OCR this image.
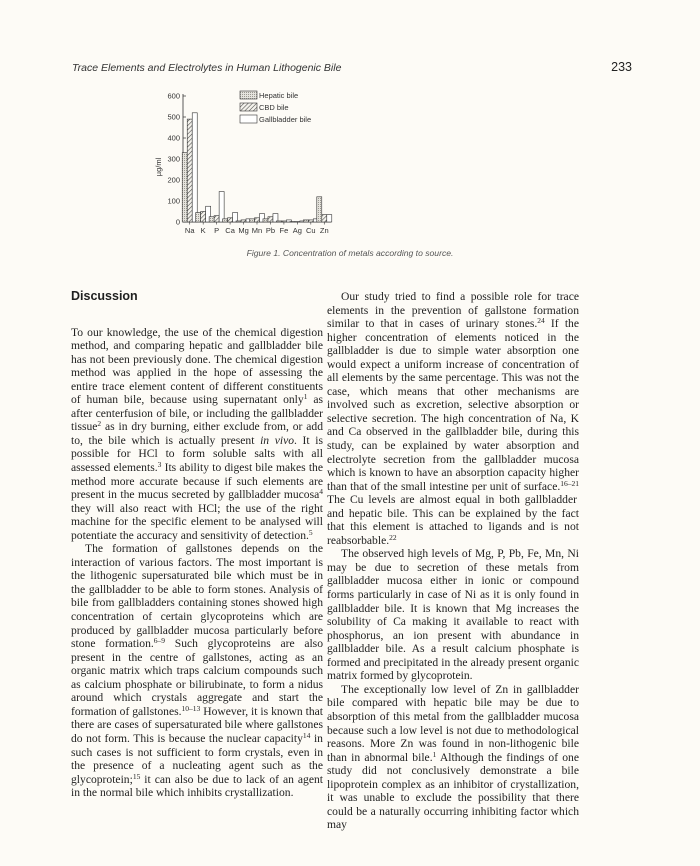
Trace Elements and Electrolytes in Human Lithogenic Bile	233
0
100
200
300
400
500
600
µg/ml
Na K P Ca Mg Mn Pb Fe Ag Cu Zn
Hepatic bile
CBD bile
Gallbladder bile
Figure 1. Concentration of metals according to source.
Discussion

To our knowledge, the use of the chemical digestion method, and comparing hepatic and gallbladder bile has not been previously done. The chemical digestion method was applied in the hope of assessing the entire trace element content of different constituents of human bile, because using supernatant only$^1$ as after centerfusion of bile, or including the gallbladder tissue$^2$ as in dry burning, either exclude from, or add to, the bile which is actually present in vivo. It is possible for HCl to form soluble salts with all assessed elements.$^3$ Its ability to digest bile makes the method more accurate because if such elements are present in the mucus secreted by gallbladder mucosa$^4$ they will also react with HCl; the use of the right machine for the specific element to be analysed will potentiate the accuracy and sensitivity of detection.$^5$

The formation of gallstones depends on the interaction of various factors. The most important is the lithogenic supersaturated bile which must be in the gallbladder to be able to form stones. Analysis of bile from gallbladders containing stones showed high concentration of certain glycoproteins which are produced by gallbladder mucosa particularly before stone formation.$^{6-9}$ Such glycoproteins are also present in the centre of gallstones, acting as an organic matrix which traps calcium compounds such as calcium phosphate or bilirubinate, to form a nidus around which crystals aggregate and start the formation of gallstones.$^{10-13}$ However, it is known that there are cases of supersaturated bile where gallstones do not form. This is because the nuclear capacity$^{14}$ in such cases is not sufficient to form crystals, even in the presence of a nucleating agent such as the glycoprotein;$^{15}$ it can also be due to lack of an agent in the normal bile which inhibits crystallization.

Our study tried to find a possible role for trace elements in the prevention of gallstone formation similar to that in cases of urinary stones.$^{24}$ If the higher concentration of elements noticed in the gallbladder is due to simple water absorption one would expect a uniform increase of concentration of all elements by the same percentage. This was not the case, which means that other mechanisms are involved such as excretion, selective absorption or selective secretion. The high concentration of Na, K and Ca observed in the gallbladder bile, during this study, can be explained by water absorption and electrolyte secretion from the gallbladder mucosa which is known to have an absorption capacity higher than that of the small intestine per unit of surface.$^{16-21}$ The Cu levels are almost equal in both gallbladder and hepatic bile. This can be explained by the fact that this element is attached to ligands and is not reabsorbable.$^{22}$

The observed high levels of Mg, P, Pb, Fe, Mn, Ni may be due to secretion of these metals from gallbladder mucosa either in ionic or compound forms particularly in case of Ni as it is only found in gallbladder bile. It is known that Mg increases the solubility of Ca making it available to react with phosphorus, an ion present with abundance in gallbladder bile. As a result calcium phosphate is formed and precipitated in the already present organic matrix formed by glycoprotein.

The exceptionally low level of Zn in gallbladder bile compared with hepatic bile may be due to absorption of this metal from the gallbladder mucosa because such a low level is not due to methodological reasons. More Zn was found in non-lithogenic bile than in abnormal bile.$^1$ Although the findings of one study did not conclusively demonstrate a bile lipoprotein complex as an inhibitor of crystallization, it was unable to exclude the possibility that there could be a naturally occurring inhibiting factor which may
